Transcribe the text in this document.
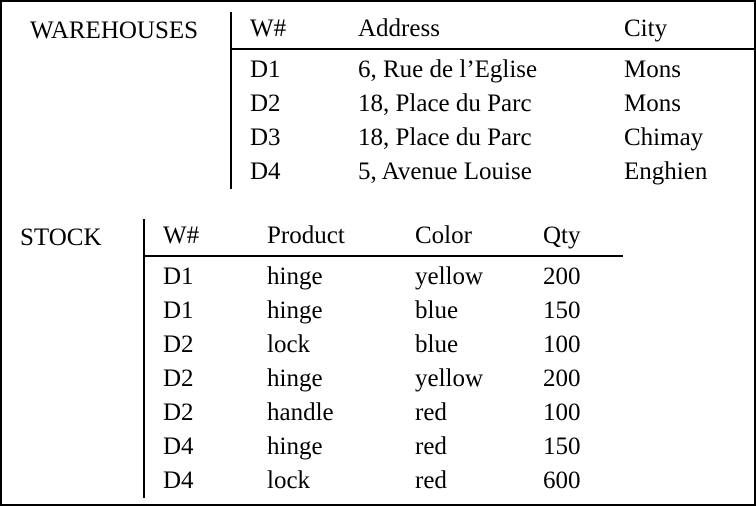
WAREHOUSES	W#	Address	City
D1	6, Rue de l’Eglise	Mons
D2	18, Place du Parc	Mons
D3	18, Place du Parc	Chimay
D4	5, Avenue Louise	Enghien
STOCK	W#	Product	Color	Qty
D1	hinge	yellow	200
D1	hinge	blue	150
D2	lock	blue	100
D2	hinge	yellow	200
D2	handle	red	100
D4	hinge	red	150
D4	lock	red	600
